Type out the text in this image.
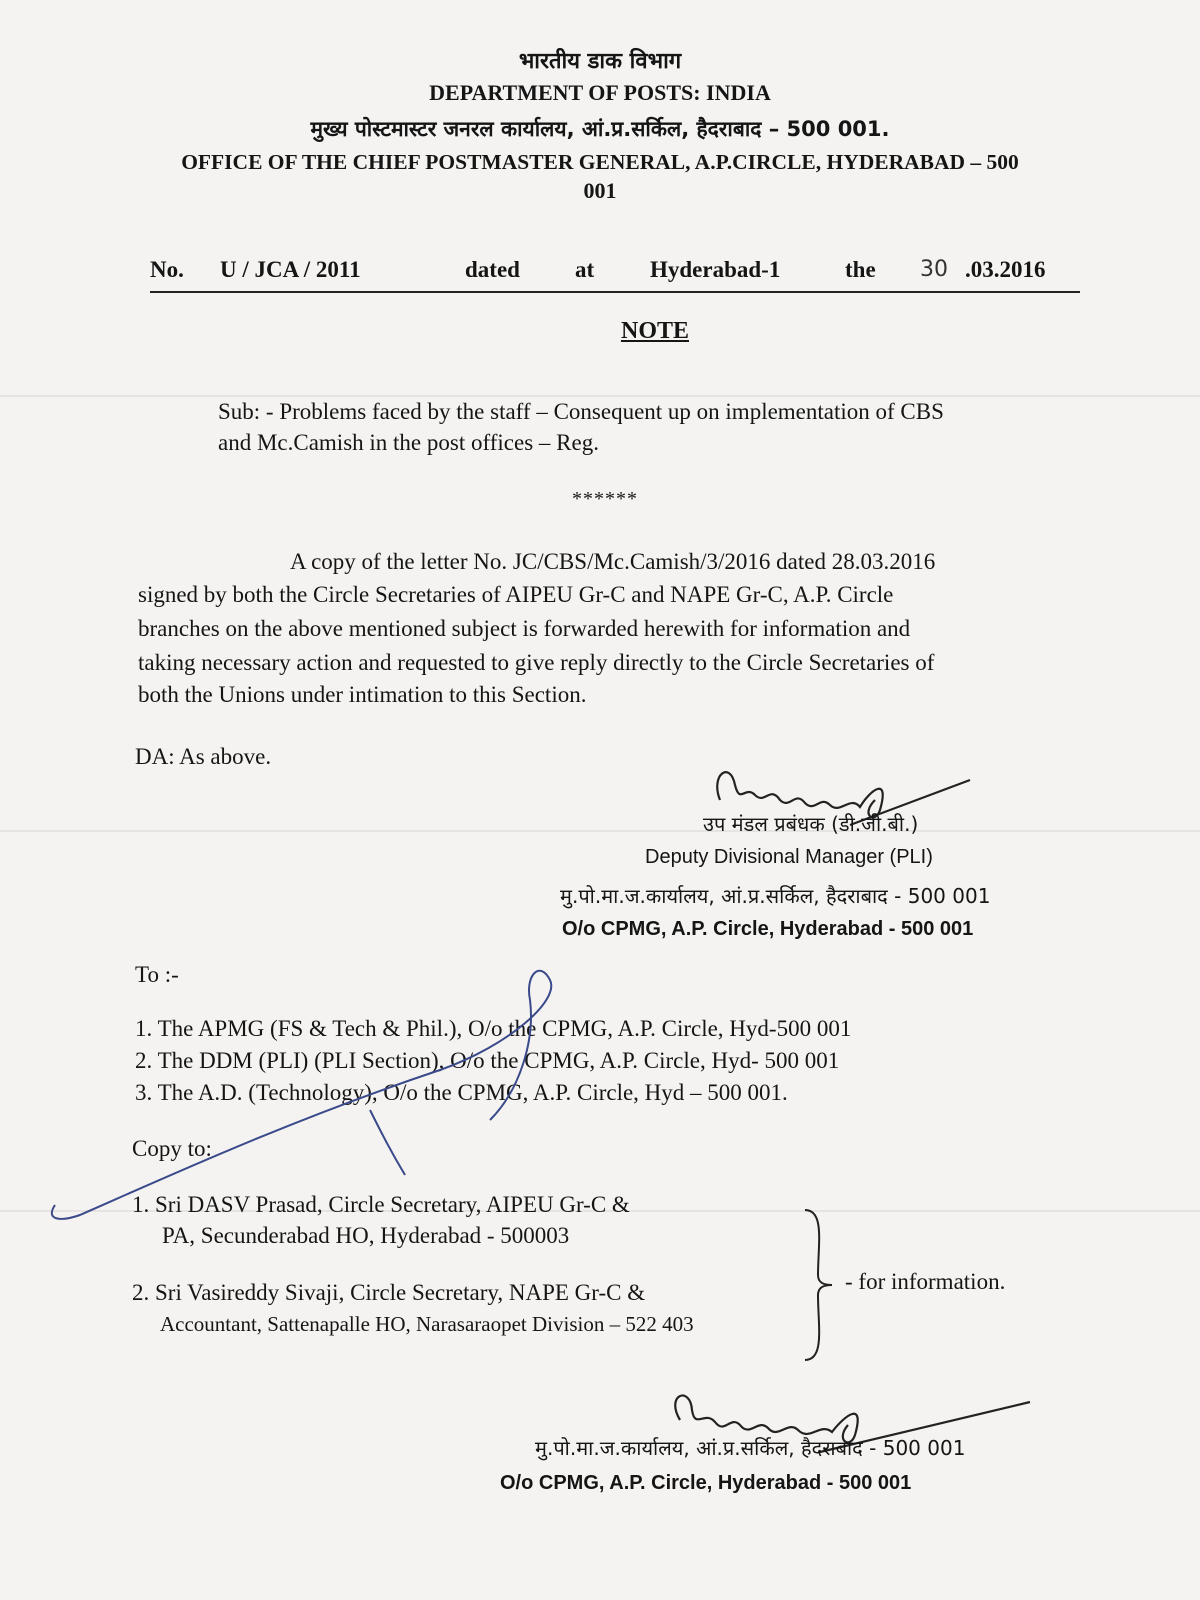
भारतीय डाक विभाग
DEPARTMENT OF POSTS: INDIA
मुख्य पोस्टमास्टर जनरल कार्यालय, आं.प्र.सर्किल, हैदराबाद – 500 001.
OFFICE OF THE CHIEF POSTMASTER GENERAL, A.P.CIRCLE, HYDERABAD – 500
001
No. U / JCA / 2011	dated at Hyderabad-1	the 30 .03.2016
NOTE
Sub: - Problems faced by the staff – Consequent up on implementation of CBS
and Mc.Camish in the post offices – Reg.
******
A copy of the letter No. JC/CBS/Mc.Camish/3/2016 dated 28.03.2016
signed by both the Circle Secretaries of AIPEU Gr-C and NAPE Gr-C, A.P. Circle
branches on the above mentioned subject is forwarded herewith for information and
taking necessary action and requested to give reply directly to the Circle Secretaries of
both the Unions under intimation to this Section.
DA: As above.
उप मंडल प्रबंधक (डी.जी.बी.)
Deputy Divisional Manager (PLI)
मु.पो.मा.ज.कार्यालय, आं.प्र.सर्किल, हैदराबाद - 500 001
O/o CPMG, A.P. Circle, Hyderabad - 500 001
To :-
1. The APMG (FS & Tech & Phil.), O/o the CPMG, A.P. Circle, Hyd-500 001
2. The DDM (PLI) (PLI Section), O/o the CPMG, A.P. Circle, Hyd- 500 001
3. The A.D. (Technology), O/o the CPMG, A.P. Circle, Hyd – 500 001.
Copy to:
1. Sri DASV Prasad, Circle Secretary, AIPEU Gr-C &
PA, Secunderabad HO, Hyderabad - 500003
2. Sri Vasireddy Sivaji, Circle Secretary, NAPE Gr-C &
Accountant, Sattenapalle HO, Narasaraopet Division – 522 403
- for information.
मु.पो.मा.ज.कार्यालय, आं.प्र.सर्किल, हैदराबाद - 500 001
O/o CPMG, A.P. Circle, Hyderabad - 500 001
